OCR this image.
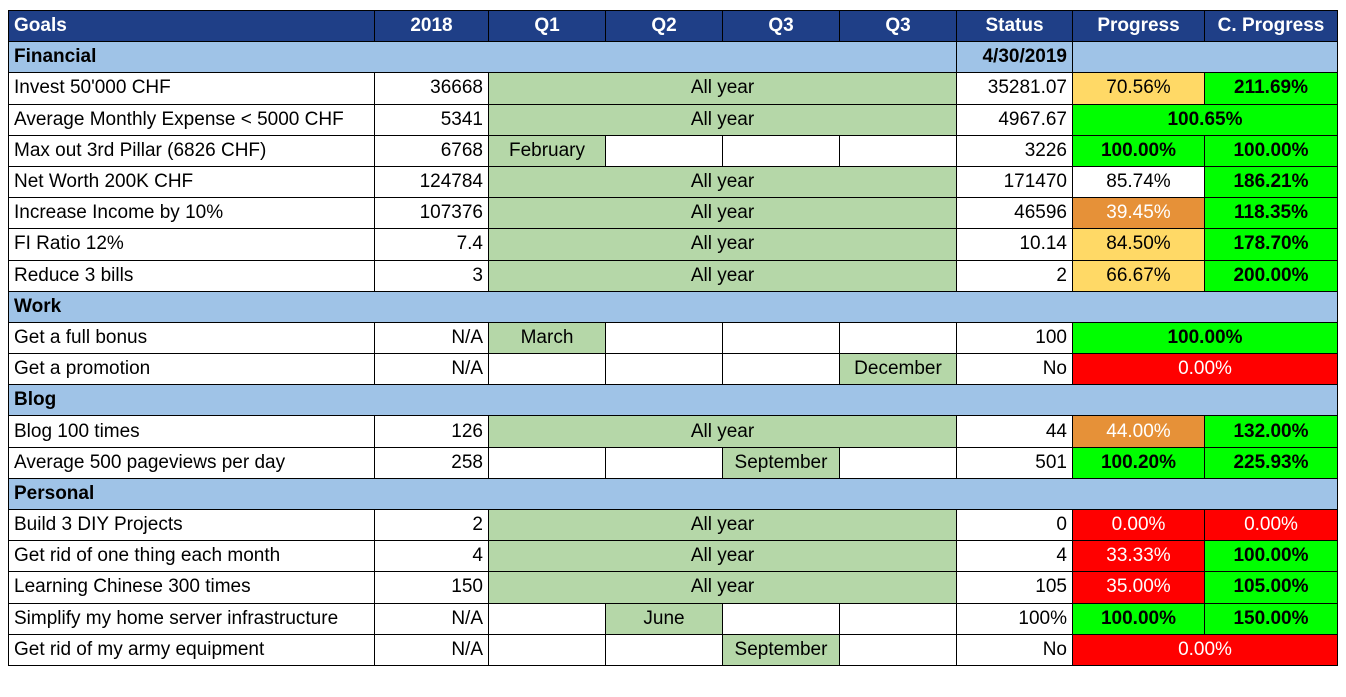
Goals	2018	Q1	Q2	Q3	Q3	Status	Progress	C. Progress
Financial						4/30/2019		
Invest 50'000 CHF	36668	All year				35281.07	70.56%	211.69%
Average Monthly Expense < 5000 CHF	5341	All year				4967.67	100.65%	
Max out 3rd Pillar (6826 CHF)	6768	February				3226	100.00%	100.00%
Net Worth 200K CHF	124784	All year				171470	85.74%	186.21%
Increase Income by 10%	107376	All year				46596	39.45%	118.35%
FI Ratio 12%	7.4	All year				10.14	84.50%	178.70%
Reduce 3 bills	3	All year				2	66.67%	200.00%
Work								
Get a full bonus	N/A	March				100	100.00%	
Get a promotion	N/A				December	No	0.00%	
Blog								
Blog 100 times	126	All year				44	44.00%	132.00%
Average 500 pageviews per day	258			September		501	100.20%	225.93%
Personal								
Build 3 DIY Projects	2	All year				0	0.00%	0.00%
Get rid of one thing each month	4	All year				4	33.33%	100.00%
Learning Chinese 300 times	150	All year				105	35.00%	105.00%
Simplify my home server infrastructure	N/A		June			100%	100.00%	150.00%
Get rid of my army equipment	N/A			September		No	0.00%	
